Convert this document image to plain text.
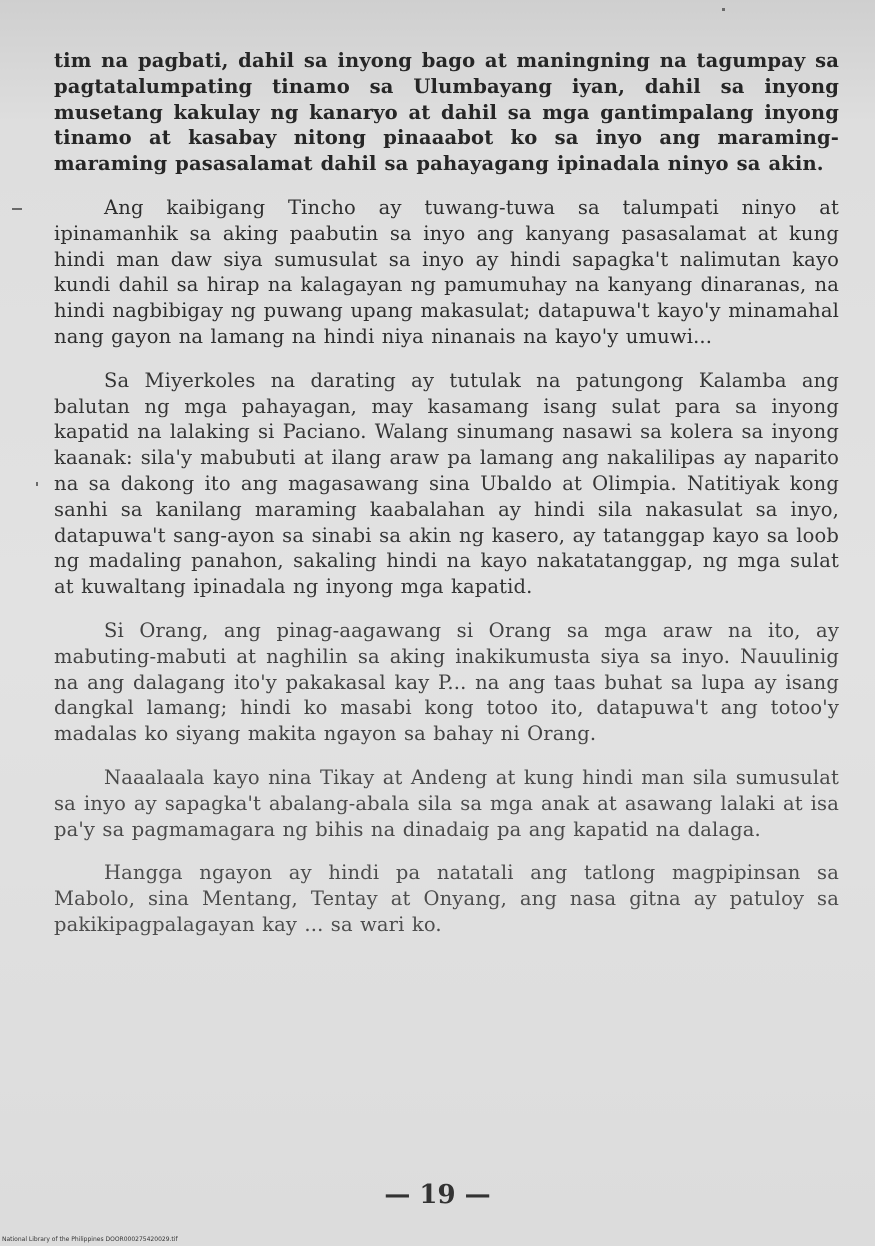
tim na pagbati, dahil sa inyong bago at maningning na tagumpay sa pagtatalumpating tinamo sa Ulumbayang iyan, dahil sa inyong musetang kakulay ng kanaryo at dahil sa mga gantimpalang inyong tinamo at kasabay nitong pinaaabot ko sa inyo ang maraming-maraming pasasalamat dahil sa pahayagang ipinadala ninyo sa akin.

Ang kaibigang Tincho ay tuwang-tuwa sa talumpati ninyo at ipinamanhik sa aking paabutin sa inyo ang kanyang pasasalamat at kung hindi man daw siya sumusulat sa inyo ay hindi sapagka't nalimutan kayo kundi dahil sa hirap na kalagayan ng pamumuhay na kanyang dinaranas, na hindi nagbibigay ng puwang upang makasulat; datapuwa't kayo'y minamahal nang gayon na lamang na hindi niya ninanais na kayo'y umuwi...

Sa Miyerkoles na darating ay tutulak na patungong Kalamba ang balutan ng mga pahayagan, may kasamang isang sulat para sa inyong kapatid na lalaking si Paciano. Walang sinumang nasawi sa kolera sa inyong kaanak: sila'y mabubuti at ilang araw pa lamang ang nakalilipas ay naparito na sa dakong ito ang magasawang sina Ubaldo at Olimpia. Natitiyak kong sanhi sa kanilang maraming kaabalahan ay hindi sila nakasulat sa inyo, datapuwa't sang-ayon sa sinabi sa akin ng kasero, ay tatanggap kayo sa loob ng madaling panahon, sakaling hindi na kayo nakatatanggap, ng mga sulat at kuwaltang ipinadala ng inyong mga kapatid.

Si Orang, ang pinag-aagawang si Orang sa mga araw na ito, ay mabuting-mabuti at naghilin sa aking inakikumusta siya sa inyo. Nauulinig na ang dalagang ito'y pakakasal kay P... na ang taas buhat sa lupa ay isang dangkal lamang; hindi ko masabi kong totoo ito, datapuwa't ang totoo'y madalas ko siyang makita ngayon sa bahay ni Orang.

Naaalaala kayo nina Tikay at Andeng at kung hindi man sila sumusulat sa inyo ay sapagka't abalang-abala sila sa mga anak at asawang lalaki at isa pa'y sa pagmamagara ng bihis na dinadaig pa ang kapatid na dalaga.

Hangga ngayon ay hindi pa natatali ang tatlong magpipinsan sa Mabolo, sina Mentang, Tentay at Onyang, ang nasa gitna ay patuloy sa pakikipagpalagayan kay ... sa wari ko.

— 19 —
National Library of the Philippines DOOR000275420029.tif
